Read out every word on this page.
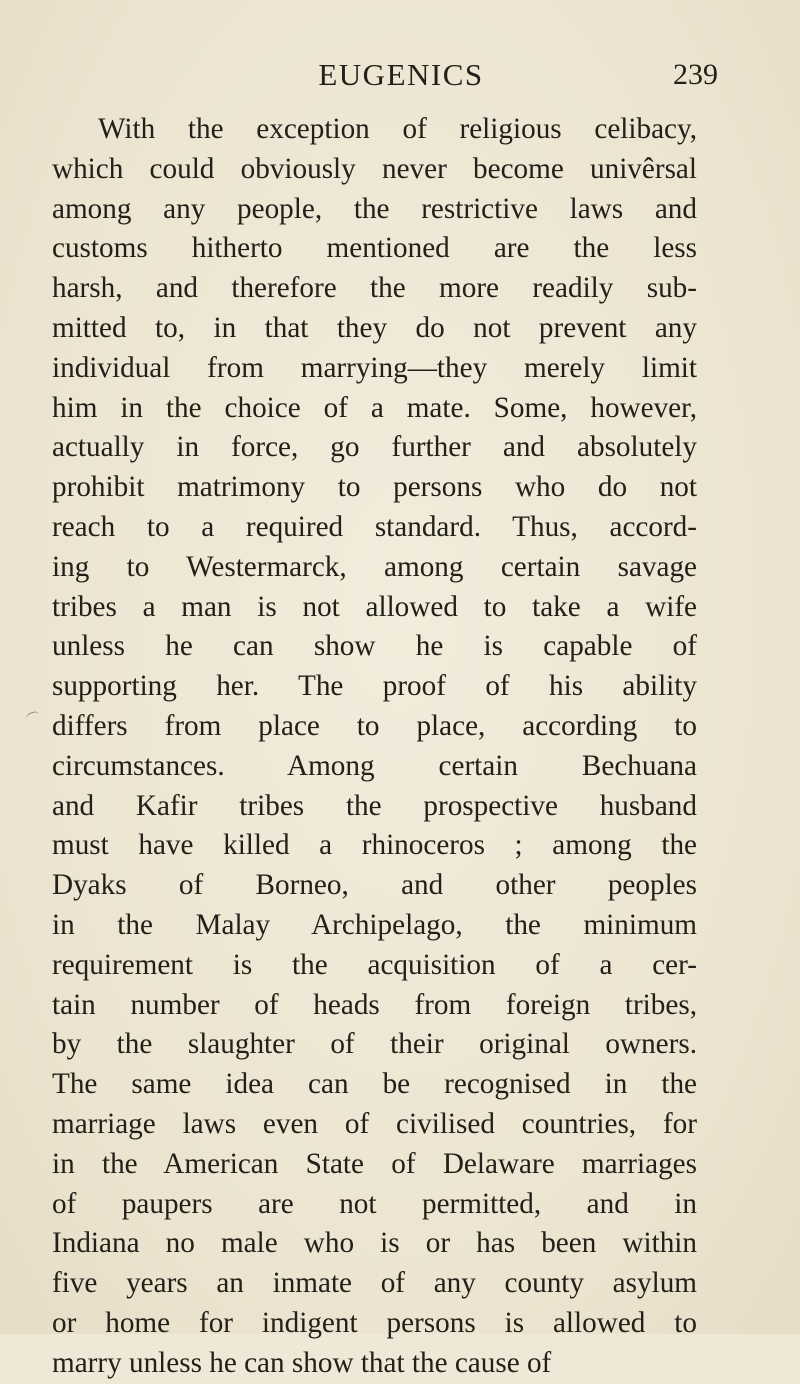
EUGENICS	239
With the exception of religious celibacy,
which could obviously never become univêrsal
among any people, the restrictive laws and
customs hitherto mentioned are the less
harsh, and therefore the more readily sub-
mitted to, in that they do not prevent any
individual from marrying—they merely limit
him in the choice of a mate. Some, however,
actually in force, go further and absolutely
prohibit matrimony to persons who do not
reach to a required standard. Thus, accord-
ing to Westermarck, among certain savage
tribes a man is not allowed to take a wife
unless he can show he is capable of
supporting her. The proof of his ability
differs from place to place, according to
circumstances. Among certain Bechuana
and Kafir tribes the prospective husband
must have killed a rhinoceros ; among the
Dyaks of Borneo, and other peoples
in the Malay Archipelago, the minimum
requirement is the acquisition of a cer-
tain number of heads from foreign tribes,
by the slaughter of their original owners.
The same idea can be recognised in the
marriage laws even of civilised countries, for
in the American State of Delaware marriages
of paupers are not permitted, and in
Indiana no male who is or has been within
five years an inmate of any county asylum
or home for indigent persons is allowed to
marry unless he can show that the cause of
